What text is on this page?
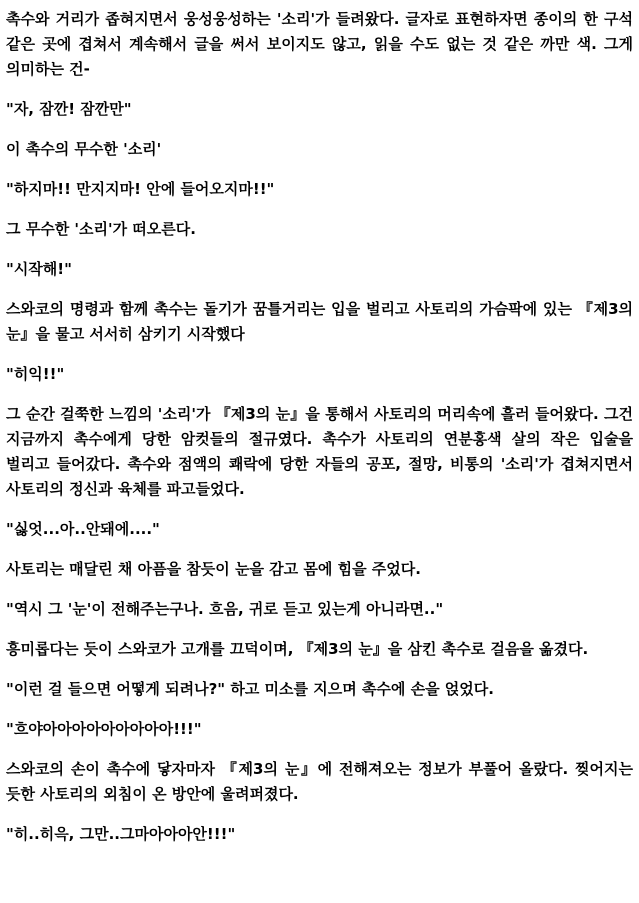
촉수와 거리가 좁혀지면서 웅성웅성하는 '소리'가 들려왔다. 글자로 표현하자면 종이의 한 구석 같은 곳에 겹쳐서 계속해서 글을 써서 보이지도 않고, 읽을 수도 없는 것 같은 까만 색. 그게 의미하는 건-

"자, 잠깐! 잠깐만"

이 촉수의 무수한 '소리'

"하지마!! 만지지마! 안에 들어오지마!!"

그 무수한 '소리'가 떠오른다.

"시작해!"

스와코의 명령과 함께 촉수는 돌기가 꿈틀거리는 입을 벌리고 사토리의 가슴팍에 있는 『제3의 눈』을 물고 서서히 삼키기 시작했다

"히익!!"

그 순간 걸쭉한 느낌의 '소리'가 『제3의 눈』을 통해서 사토리의 머리속에 흘러 들어왔다. 그건 지금까지 촉수에게 당한 암컷들의 절규였다. 촉수가 사토리의 연분홍색 살의 작은 입술을 벌리고 들어갔다. 촉수와 점액의 쾌락에 당한 자들의 공포, 절망, 비통의 '소리'가 겹쳐지면서 사토리의 정신과 육체를 파고들었다.

"싫엇...아..안돼에...."

사토리는 매달린 채 아픔을 참듯이 눈을 감고 몸에 힘을 주었다.

"역시 그 '눈'이 전해주는구나. 흐음, 귀로 듣고 있는게 아니라면.."

흥미롭다는 듯이 스와코가 고개를 끄덕이며, 『제3의 눈』을 삼킨 촉수로 걸음을 옮겼다.

"이런 걸 들으면 어떻게 되려나?" 하고 미소를 지으며 촉수에 손을 얹었다.

"흐야아아아아아아아아아!!!"

스와코의 손이 촉수에 닿자마자 『제3의 눈』에 전해져오는 정보가 부풀어 올랐다. 찢어지는 듯한 사토리의 외침이 온 방안에 울려퍼졌다.

"히..히윽, 그만..그마아아아안!!!"
